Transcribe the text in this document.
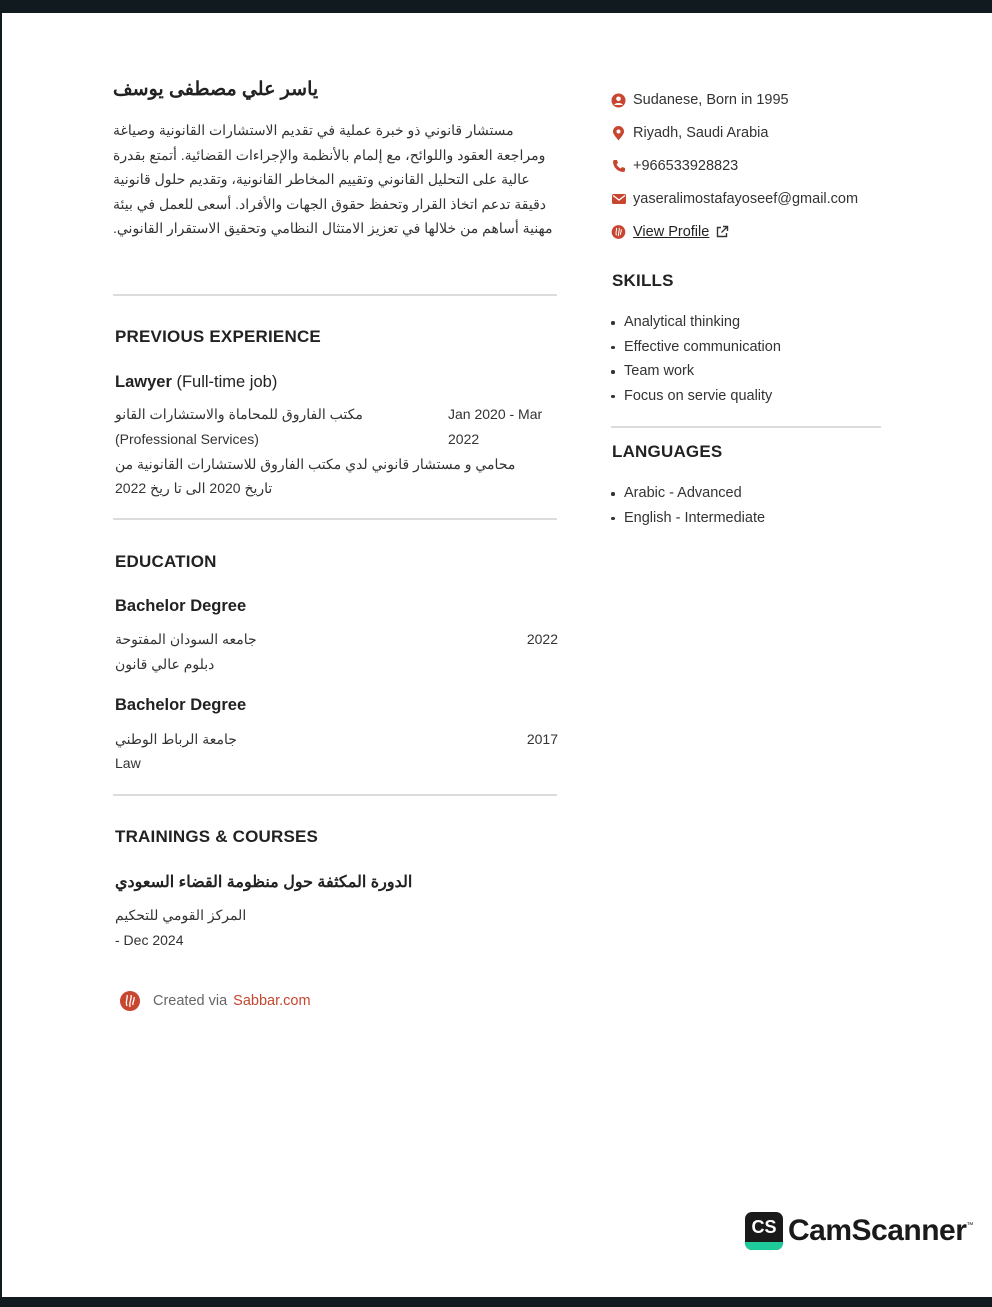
ياسر علي مصطفى يوسف
مستشار قانوني ذو خبرة عملية في تقديم الاستشارات القانونية وصياغة ومراجعة العقود واللوائح، مع إلمام بالأنظمة والإجراءات القضائية. أتمتع بقدرة عالية على التحليل القانوني وتقييم المخاطر القانونية، وتقديم حلول قانونية دقيقة تدعم اتخاذ القرار وتحفظ حقوق الجهات والأفراد. أسعى للعمل في بيئة مهنية أساهم من خلالها في تعزيز الامتثال النظامي وتحقيق الاستقرار القانوني.
PREVIOUS EXPERIENCE
Lawyer (Full-time job)
مكتب الفاروق للمحاماة والاستشارات القانو
(Professional Services)
Jan 2020 - Mar
2022
محامي و مستشار قانوني لدي مكتب الفاروق للاستشارات القانونية من
تاريخ 2020 الى تا ريخ 2022
EDUCATION
Bachelor Degree
جامعه السودان المفتوحة	2022
دبلوم عالي قانون
Bachelor Degree
جامعة الرباط الوطني	2017
Law
TRAININGS & COURSES
الدورة المكثفة حول منظومة القضاء السعودي
المركز القومي للتحكيم
- Dec 2024
Created via Sabbar.com
Sudanese, Born in 1995
Riyadh, Saudi Arabia
+966533928823
yaseralimostafayoseef@gmail.com
View Profile
SKILLS
Analytical thinking
Effective communication
Team work
Focus on servie quality
LANGUAGES
Arabic - Advanced
English - Intermediate
CS CamScanner ™
